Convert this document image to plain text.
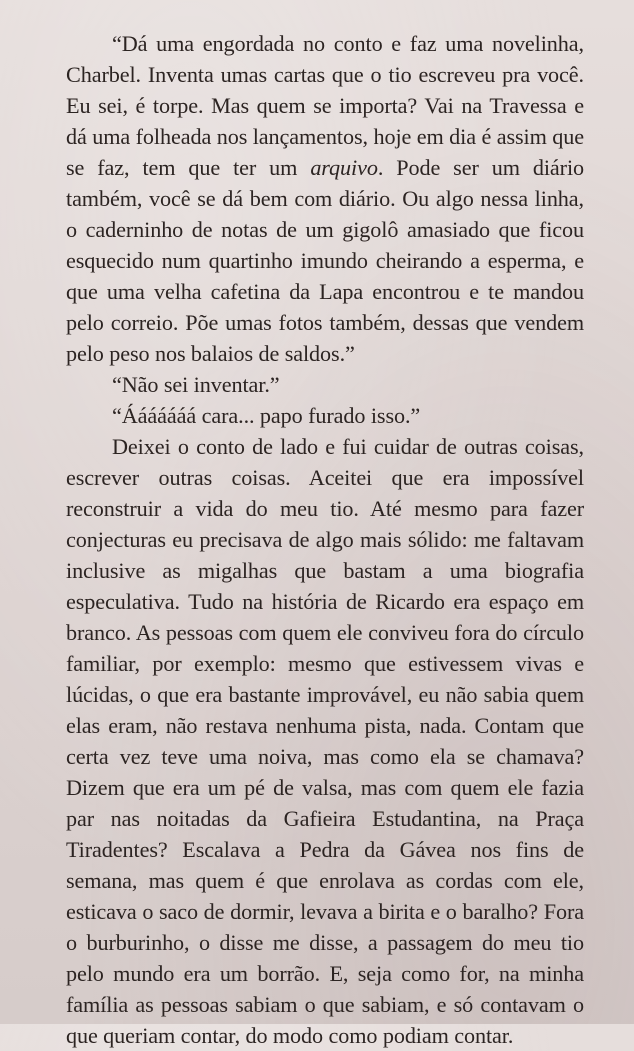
“Dá uma engordada no conto e faz uma novelinha, Charbel. Inventa umas cartas que o tio escreveu pra você. Eu sei, é torpe. Mas quem se importa? Vai na Travessa e dá uma folheada nos lançamentos, hoje em dia é assim que se faz, tem que ter um arquivo. Pode ser um diário também, você se dá bem com diário. Ou algo nessa linha, o caderninho de notas de um gigolô amasiado que ficou esquecido num quartinho imundo cheirando a esperma, e que uma velha cafetina da Lapa encontrou e te mandou pelo correio. Põe umas fotos também, dessas que vendem pelo peso nos balaios de saldos.”

“Não sei inventar.”

“Ááááááá cara... papo furado isso.”

Deixei o conto de lado e fui cuidar de outras coisas, escrever outras coisas. Aceitei que era impossível reconstruir a vida do meu tio. Até mesmo para fazer conjecturas eu precisava de algo mais sólido: me faltavam inclusive as migalhas que bastam a uma biografia especulativa. Tudo na história de Ricardo era espaço em branco. As pessoas com quem ele conviveu fora do círculo familiar, por exemplo: mesmo que estivessem vivas e lúcidas, o que era bastante improvável, eu não sabia quem elas eram, não restava nenhuma pista, nada. Contam que certa vez teve uma noiva, mas como ela se chamava? Dizem que era um pé de valsa, mas com quem ele fazia par nas noitadas da Gafieira Estudantina, na Praça Tiradentes? Escalava a Pedra da Gávea nos fins de semana, mas quem é que enrolava as cordas com ele, esticava o saco de dormir, levava a birita e o baralho? Fora o burburinho, o disse me disse, a passagem do meu tio pelo mundo era um borrão. E, seja como for, na minha família as pessoas sabiam o que sabiam, e só contavam o que queriam contar, do modo como podiam contar.
